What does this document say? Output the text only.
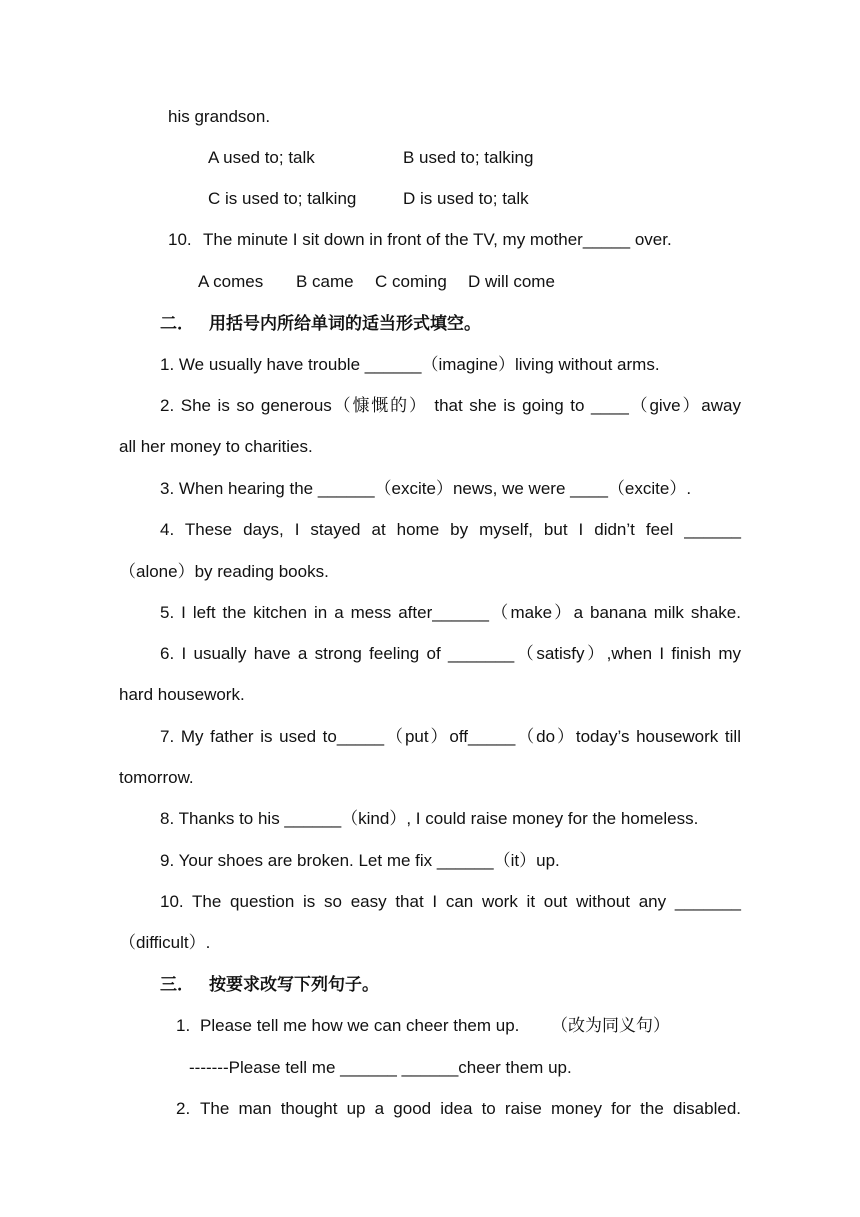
his grandson.
A used to; talk	B used to; talking
C is used to; talking	D is used to; talk
10. The minute I sit down in front of the TV, my mother_____ over.
A comes B came C coming D will come
二． 用括号内所给单词的适当形式填空。
1. We usually have trouble ______（imagine）living without arms.
2. She is so generous（慷慨的） that she is going to ____（give）away
all her money to charities.
3. When hearing the ______（excite）news, we were ____（excite）.
4. These days, I stayed at home by myself, but I didn’t feel ______
（alone）by reading books.
5. I left the kitchen in a mess after______（make）a banana milk shake.
6. I usually have a strong feeling of _______（satisfy）,when I finish my
hard housework.
7. My father is used to_____（put）off_____（do）today’s housework till
tomorrow.
8. Thanks to his ______（kind）, I could raise money for the homeless.
9. Your shoes are broken. Let me fix ______（it）up.
10. The question is so easy that I can work it out without any _______
（difficult）.
三． 按要求改写下列句子。
1. Please tell me how we can cheer them up. （改为同义句）
-------Please tell me ______ ______cheer them up.
2. The man thought up a good idea to raise money for the disabled.
